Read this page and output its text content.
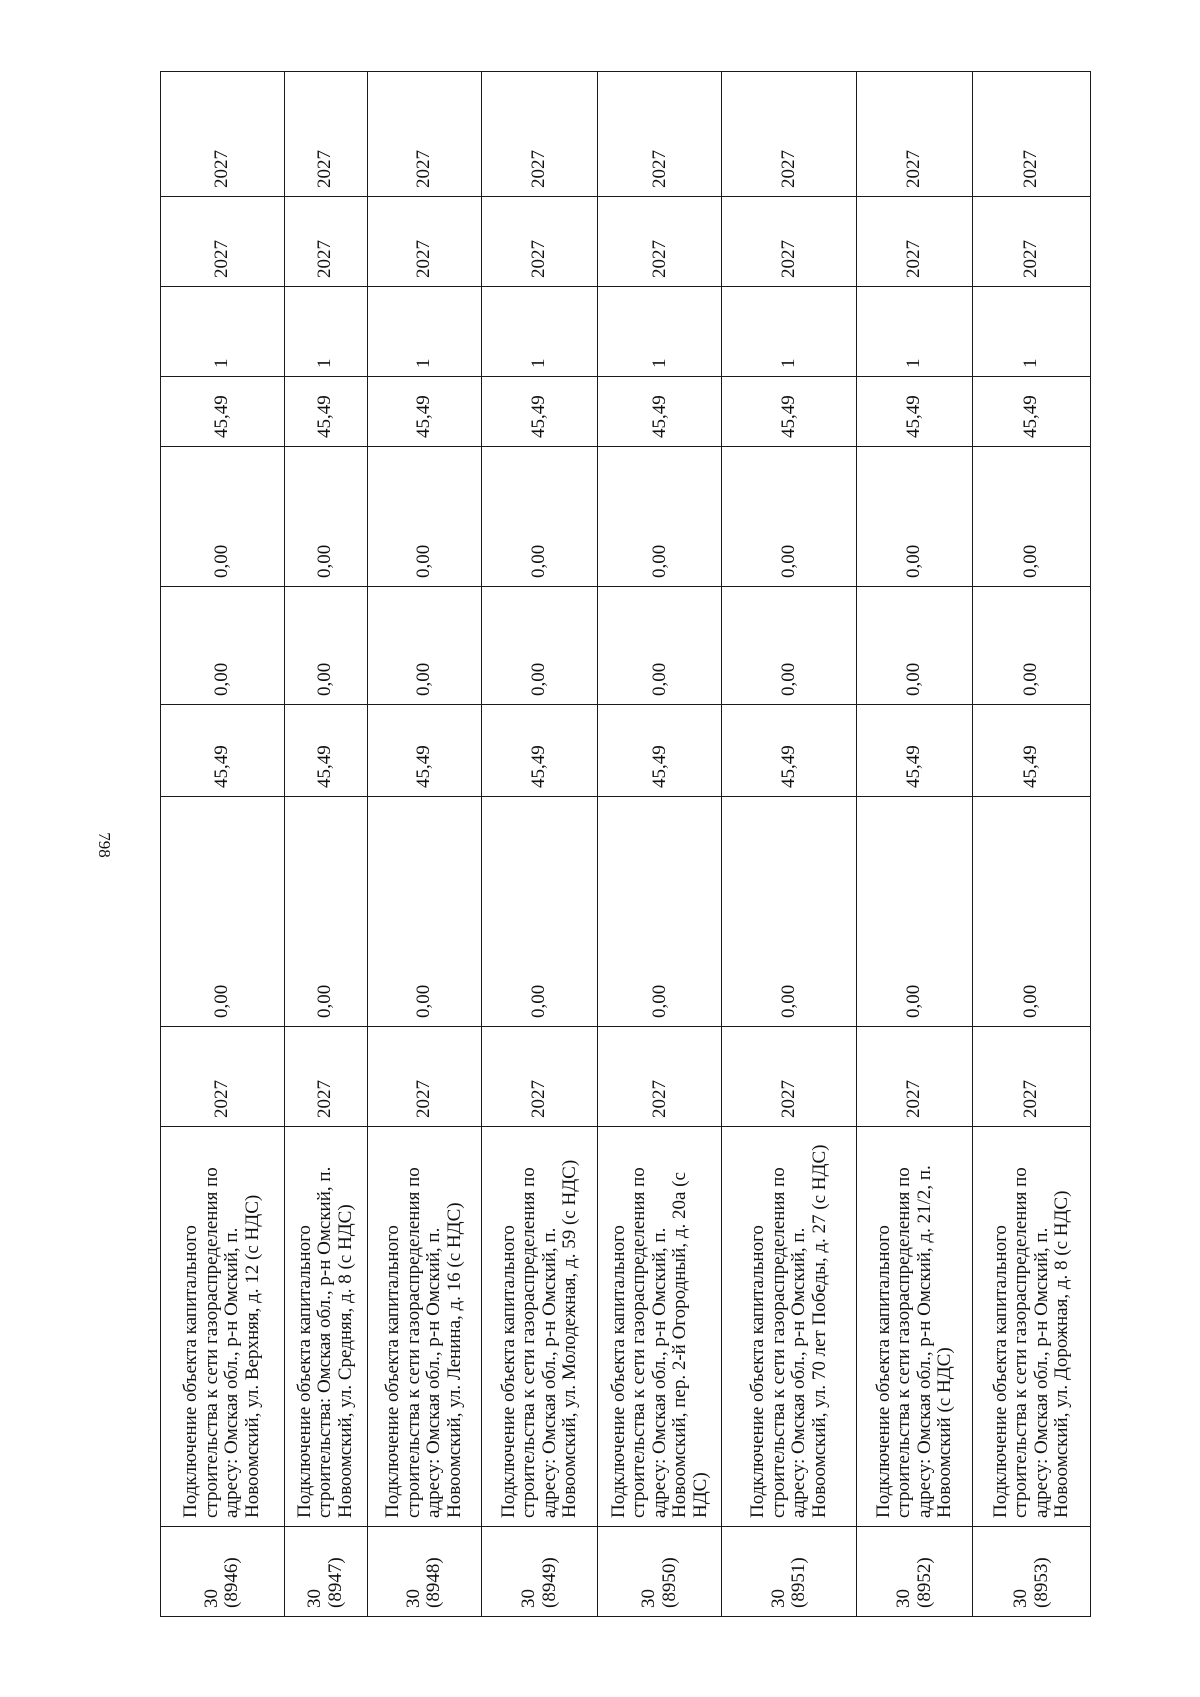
798
30 (8946)	Подключение объекта капитального строительства к сети газораспределения по адресу: Омская обл., р-н Омский, п. Новоомский, ул. Верхняя, д. 12 (с НДС)	2027	0,00	45,49	0,00	0,00	45,49	1	2027	2027

30 (8947)	Подключение объекта капитального строительства: Омская обл., р-н Омский, п. Новоомский, ул. Средняя, д. 8 (с НДС)	2027	0,00	45,49	0,00	0,00	45,49	1	2027	2027

30 (8948)	Подключение объекта капитального строительства к сети газораспределения по адресу: Омская обл., р-н Омский, п. Новоомский, ул. Ленина, д. 16 (с НДС)	2027	0,00	45,49	0,00	0,00	45,49	1	2027	2027

30 (8949)	Подключение объекта капитального строительства к сети газораспределения по адресу: Омская обл., р-н Омский, п. Новоомский, ул. Молодежная, д. 59 (с НДС)	2027	0,00	45,49	0,00	0,00	45,49	1	2027	2027

30 (8950)	Подключение объекта капитального строительства к сети газораспределения по адресу: Омская обл., р-н Омский, п. Новоомский, пер. 2-й Огородный, д. 20а (с НДС)	2027	0,00	45,49	0,00	0,00	45,49	1	2027	2027

30 (8951)	Подключение объекта капитального строительства к сети газораспределения по адресу: Омская обл., р-н Омский, п. Новоомский, ул. 70 лет Победы, д. 27 (с НДС)	2027	0,00	45,49	0,00	0,00	45,49	1	2027	2027

30 (8952)	Подключение объекта капитального строительства к сети газораспределения по адресу: Омская обл., р-н Омский, д. 21/2, п. Новоомский (с НДС)	2027	0,00	45,49	0,00	0,00	45,49	1	2027	2027

30 (8953)	Подключение объекта капитального строительства к сети газораспределения по адресу: Омская обл., р-н Омский, п. Новоомский, ул. Дорожная, д. 8 (с НДС)	2027	0,00	45,49	0,00	0,00	45,49	1	2027	2027
